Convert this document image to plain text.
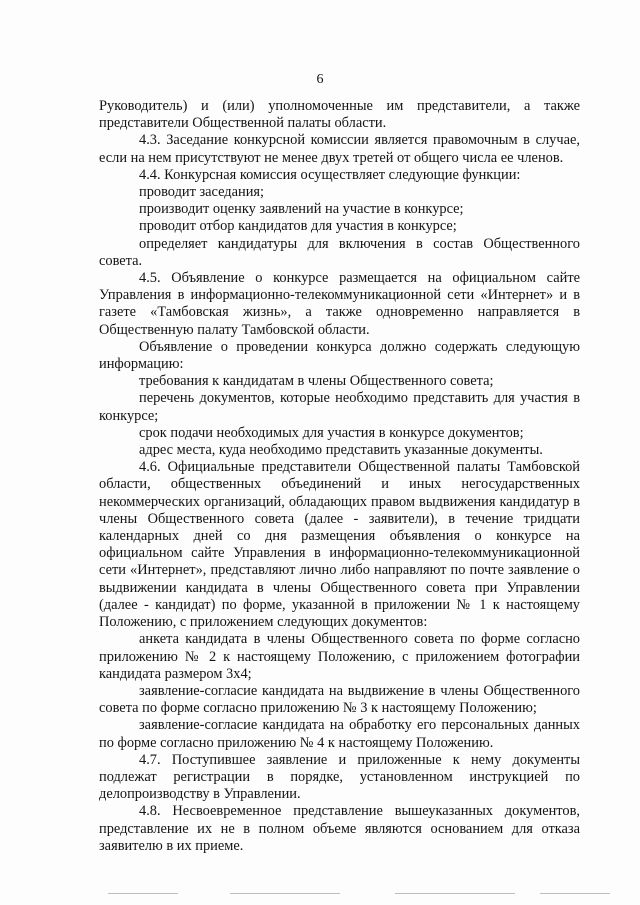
6

Руководитель) и (или) уполномоченные им представители, а также представители Общественной палаты области.

4.3. Заседание конкурсной комиссии является правомочным в случае, если на нем присутствуют не менее двух третей от общего числа ее членов.

4.4. Конкурсная комиссия осуществляет следующие функции:

проводит заседания;

производит оценку заявлений на участие в конкурсе;

проводит отбор кандидатов для участия в конкурсе;

определяет кандидатуры для включения в состав Общественного совета.

4.5. Объявление о конкурсе размещается на официальном сайте Управления в информационно-телекоммуникационной сети «Интернет» и в газете «Тамбовская жизнь», а также одновременно направляется в Общественную палату Тамбовской области.

Объявление о проведении конкурса должно содержать следующую информацию:

требования к кандидатам в члены Общественного совета;

перечень документов, которые необходимо представить для участия в конкурсе;

срок подачи необходимых для участия в конкурсе документов;

адрес места, куда необходимо представить указанные документы.

4.6. Официальные представители Общественной палаты Тамбовской области, общественных объединений и иных негосударственных некоммерческих организаций, обладающих правом выдвижения кандидатур в члены Общественного совета (далее - заявители), в течение тридцати календарных дней со дня размещения объявления о конкурсе на официальном сайте Управления в информационно-телекоммуникационной сети «Интернет», представляют лично либо направляют по почте заявление о выдвижении кандидата в члены Общественного совета при Управлении (далее - кандидат) по форме, указанной в приложении № 1 к настоящему Положению, с приложением следующих документов:

анкета кандидата в члены Общественного совета по форме согласно приложению № 2 к настоящему Положению, с приложением фотографии кандидата размером 3х4;

заявление-согласие кандидата на выдвижение в члены Общественного совета по форме согласно приложению № 3 к настоящему Положению;

заявление-согласие кандидата на обработку его персональных данных по форме согласно приложению № 4 к настоящему Положению.

4.7. Поступившее заявление и приложенные к нему документы подлежат регистрации в порядке, установленном инструкцией по делопроизводству в Управлении.

4.8. Несвоевременное представление вышеуказанных документов, представление их не в полном объеме являются основанием для отказа заявителю в их приеме.
